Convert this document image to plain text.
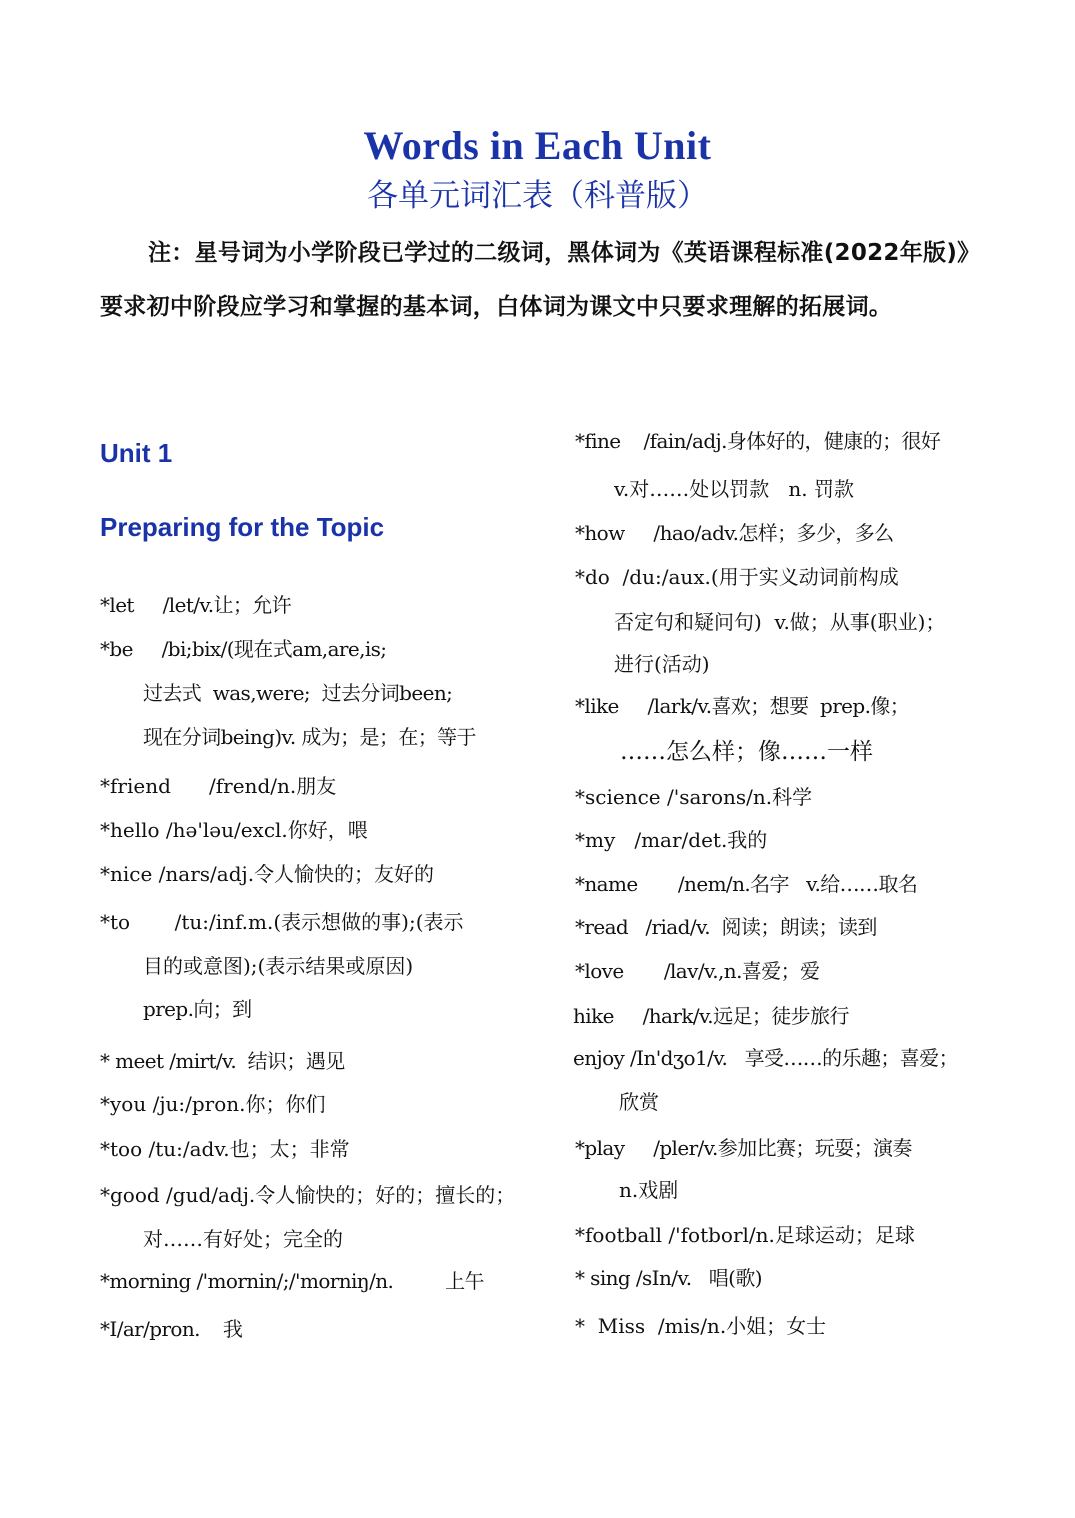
Words in Each Unit
各单元词汇表（科普版）
注：星号词为小学阶段已学过的二级词，黑体词为《英语课程标准(2022年版)》要求初中阶段应学习和掌握的基本词，白体词为课文中只要求理解的拓展词。
Unit 1
Preparing for the Topic
*let     /let/v.让；允许
*be     /bi;bix/(现在式am,are,is;
过去式  was,were;  过去分词been;
现在分词being)v. 成为；是；在；等于
*friend      /frend/n.朋友
*hello /hə'ləu/excl.你好，喂
*nice /nars/adj.令人愉快的；友好的
*to       /tu:/inf.m.(表示想做的事);(表示
目的或意图);(表示结果或原因)
prep.向；到
* meet /mirt/v.  结识；遇见
*you /ju:/pron.你；你们
*too /tu:/adv.也；太；非常
*good /gud/adj.令人愉快的；好的；擅长的；
对……有好处；完全的
*morning /'mornin/;/'morniŋ/n.         上午
*I/ar/pron.    我
*fine    /fain/adj.身体好的，健康的；很好
v.对……处以罚款   n. 罚款
*how     /hao/adv.怎样；多少，多么
*do  /du:/aux.(用于实义动词前构成
否定句和疑问句)  v.做；从事(职业)；
进行(活动)
*like     /lark/v.喜欢；想要  prep.像；
……怎么样；像……一样
*science /'sarons/n.科学
*my   /mar/det.我的
*name       /nem/n.名字   v.给……取名
*read   /riad/v.  阅读；朗读；读到
*love       /lav/v.,n.喜爱；爱
hike     /hark/v.远足；徒步旅行
enjoy /In'dʒo1/v.   享受……的乐趣；喜爱；
欣赏
*play     /pler/v.参加比赛；玩耍；演奏
n.戏剧
*football /'fotborl/n.足球运动；足球
* sing /sIn/v.   唱(歌)
*  Miss  /mis/n.小姐；女士
